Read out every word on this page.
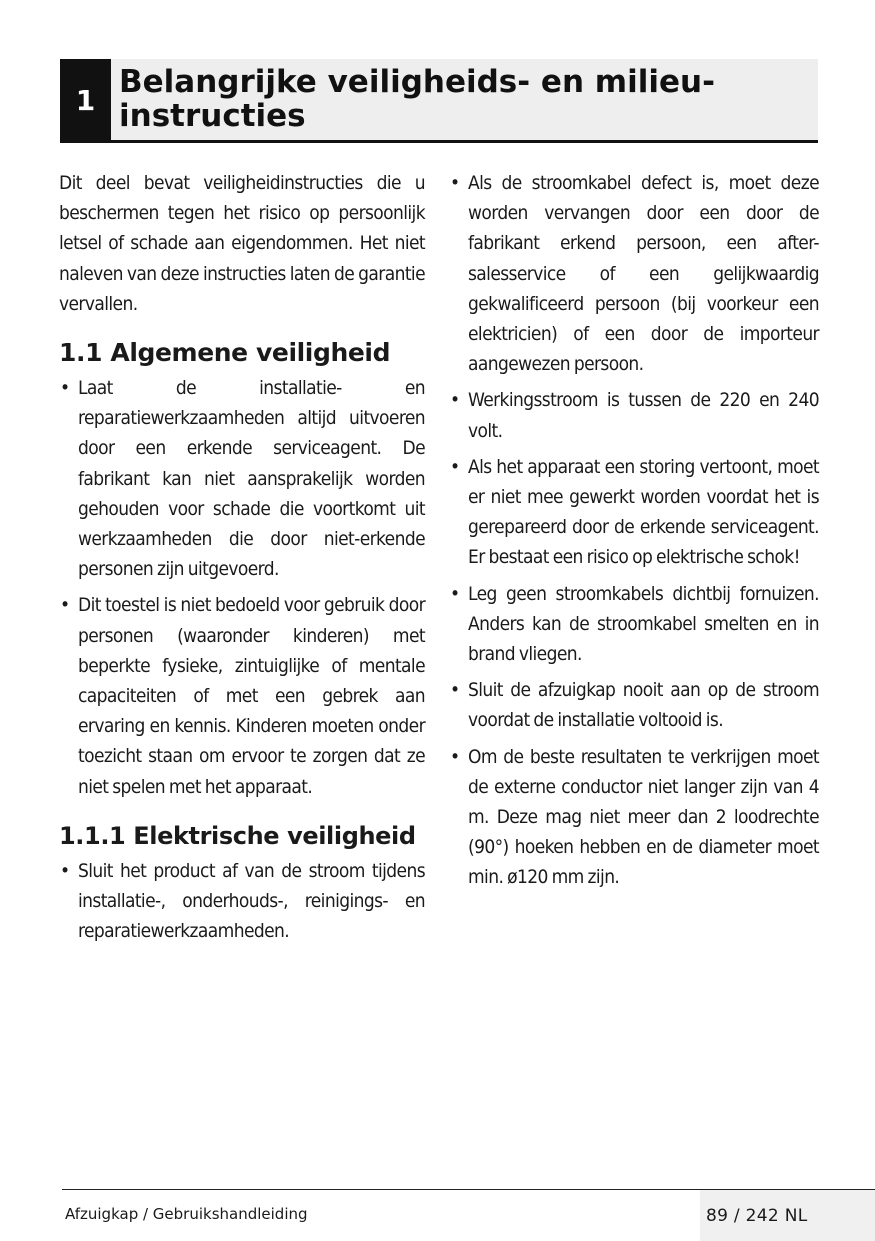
1
Belangrijke veiligheids- en milieu-instructies

Dit deel bevat veiligheidinstructies die u beschermen tegen het risico op persoonlijk letsel of schade aan eigendommen. Het niet naleven van deze instructies laten de garantie vervallen.

1.1 Algemene veiligheid
• Laat de installatie- en reparatiewerkzaamheden altijd uitvoeren door een erkende serviceagent. De fabrikant kan niet aansprakelijk worden gehouden voor schade die voortkomt uit werkzaamheden die door niet-erkende personen zijn uitgevoerd.
• Dit toestel is niet bedoeld voor gebruik door personen (waaronder kinderen) met beperkte fysieke, zintuiglijke of mentale capaciteiten of met een gebrek aan ervaring en kennis. Kinderen moeten onder toezicht staan om ervoor te zorgen dat ze niet spelen met het apparaat.
1.1.1 Elektrische veiligheid
• Sluit het product af van de stroom tijdens installatie-, onderhouds-, reinigings- en reparatiewerkzaamheden.
• Als de stroomkabel defect is, moet deze worden vervangen door een door de fabrikant erkend persoon, een after-salesservice of een gelijkwaardig gekwalificeerd persoon (bij voorkeur een elektricien) of een door de importeur aangewezen persoon.
• Werkingsstroom is tussen de 220 en 240 volt.
• Als het apparaat een storing vertoont, moet er niet mee gewerkt worden voordat het is gerepareerd door de erkende serviceagent. Er bestaat een risico op elektrische schok!
• Leg geen stroomkabels dichtbij fornuizen. Anders kan de stroomkabel smelten en in brand vliegen.
• Sluit de afzuigkap nooit aan op de stroom voordat de installatie voltooid is.
• Om de beste resultaten te verkrijgen moet de externe conductor niet langer zijn van 4 m. Deze mag niet meer dan 2 loodrechte (90°) hoeken hebben en de diameter moet min. ø120 mm zijn.
Afzuigkap / Gebruikshandleiding	89 / 242 NL
